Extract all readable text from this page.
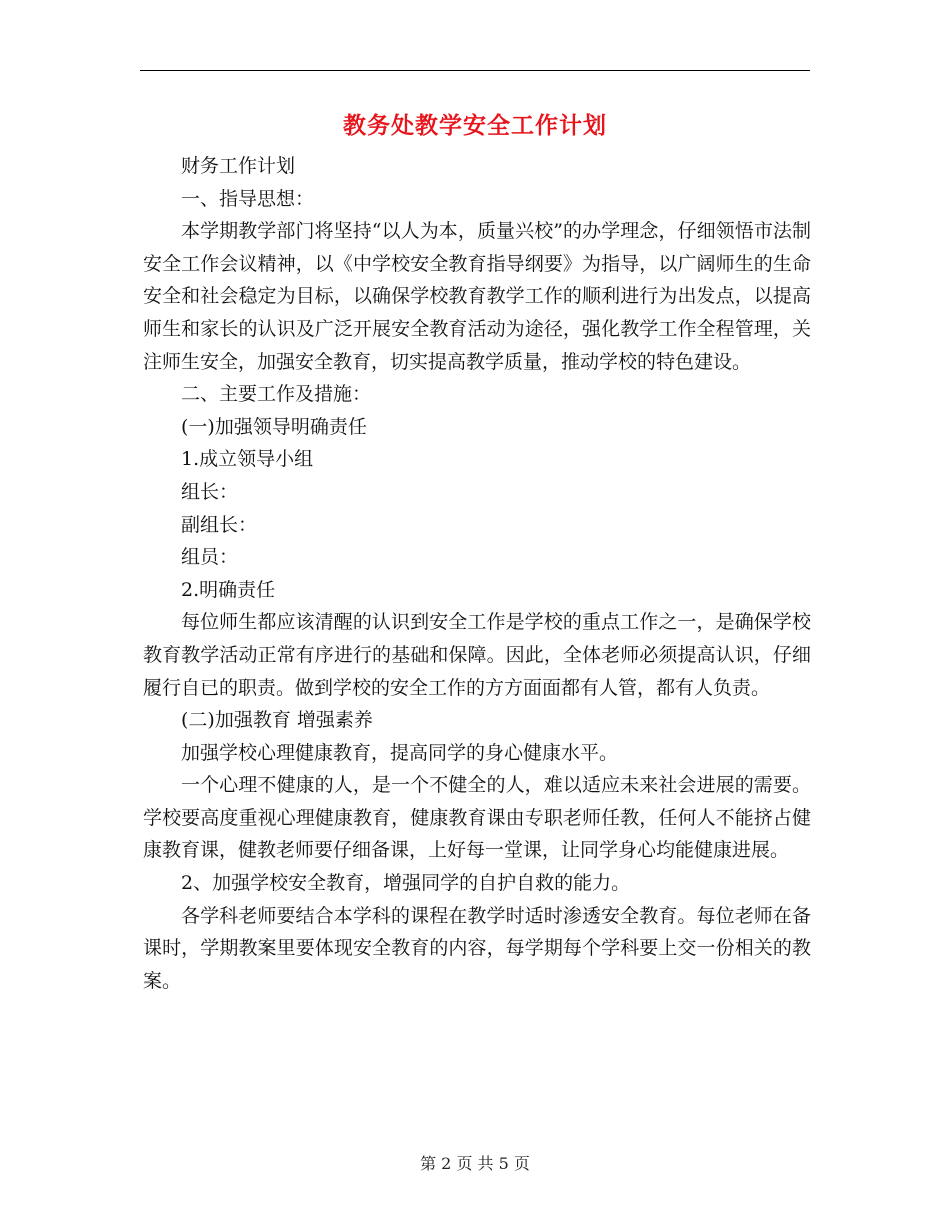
教务处教学安全工作计划

财务工作计划

一、指导思想：

本学期教学部门将坚持“以人为本，质量兴校”的办学理念，仔细领悟市法制安全工作会议精神，以《中学校安全教育指导纲要》为指导，以广阔师生的生命安全和社会稳定为目标，以确保学校教育教学工作的顺利进行为出发点，以提高师生和家长的认识及广泛开展安全教育活动为途径，强化教学工作全程管理，关注师生安全，加强安全教育，切实提高教学质量，推动学校的特色建设。

二、主要工作及措施：

(一)加强领导明确责任

1.成立领导小组

组长：

副组长：

组员：

2.明确责任

每位师生都应该清醒的认识到安全工作是学校的重点工作之一，是确保学校教育教学活动正常有序进行的基础和保障。因此，全体老师必须提高认识，仔细履行自已的职责。做到学校的安全工作的方方面面都有人管，都有人负责。

(二)加强教育 增强素养

加强学校心理健康教育，提高同学的身心健康水平。

一个心理不健康的人，是一个不健全的人，难以适应未来社会进展的需要。学校要高度重视心理健康教育，健康教育课由专职老师任教，任何人不能挤占健康教育课，健教老师要仔细备课，上好每一堂课，让同学身心均能健康进展。

2、加强学校安全教育，增强同学的自护自救的能力。

各学科老师要结合本学科的课程在教学时适时渗透安全教育。每位老师在备课时，学期教案里要体现安全教育的内容，每学期每个学科要上交一份相关的教案。

第 2 页 共 5 页
